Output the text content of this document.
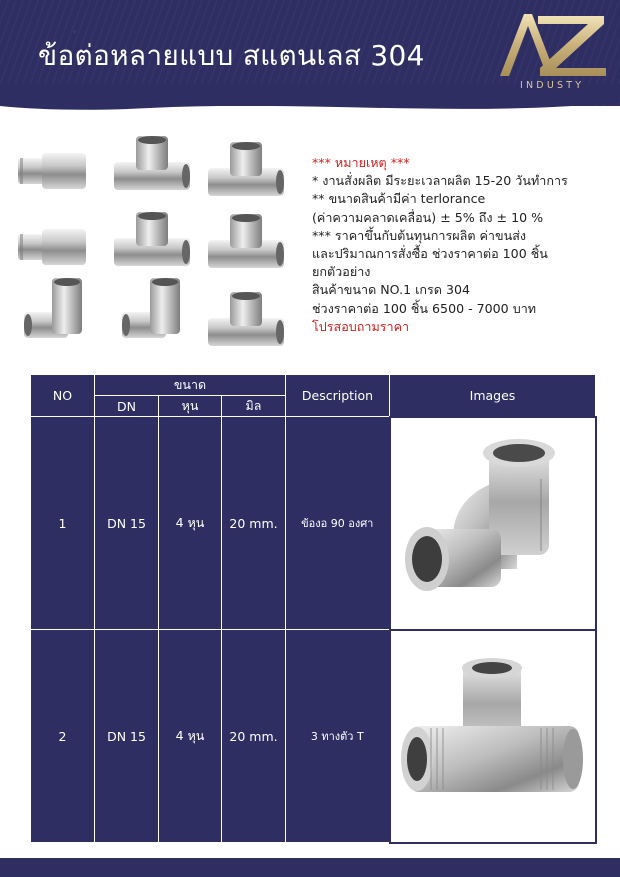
ข้อต่อหลายแบบ สแตนเลส 304
INDUSTY
*** หมายเหตุ ***
* งานสั่งผลิต มีระยะเวลาผลิต 15-20 วันทำการ
** ขนาดสินค้ามีค่า terlorance
(ค่าความคลาดเคลื่อน) ± 5% ถึง ± 10 %
*** ราคาขึ้นกับต้นทุนการผลิต ค่าขนส่ง
และปริมาณการสั่งซื้อ ช่วงราคาต่อ 100 ชิ้น
ยกตัวอย่าง
สินค้าขนาด NO.1 เกรด 304
ช่วงราคาต่อ 100 ชิ้น 6500 - 7000 บาท
โปรสอบถามราคา
NO	ขนาด			Description	Images
	DN	หุน	มิล		
1	DN 15	4 หุน	20 mm.	ข้องอ 90 องศา	

2	DN 15	4 หุน	20 mm.	3 ทางตัว T	
